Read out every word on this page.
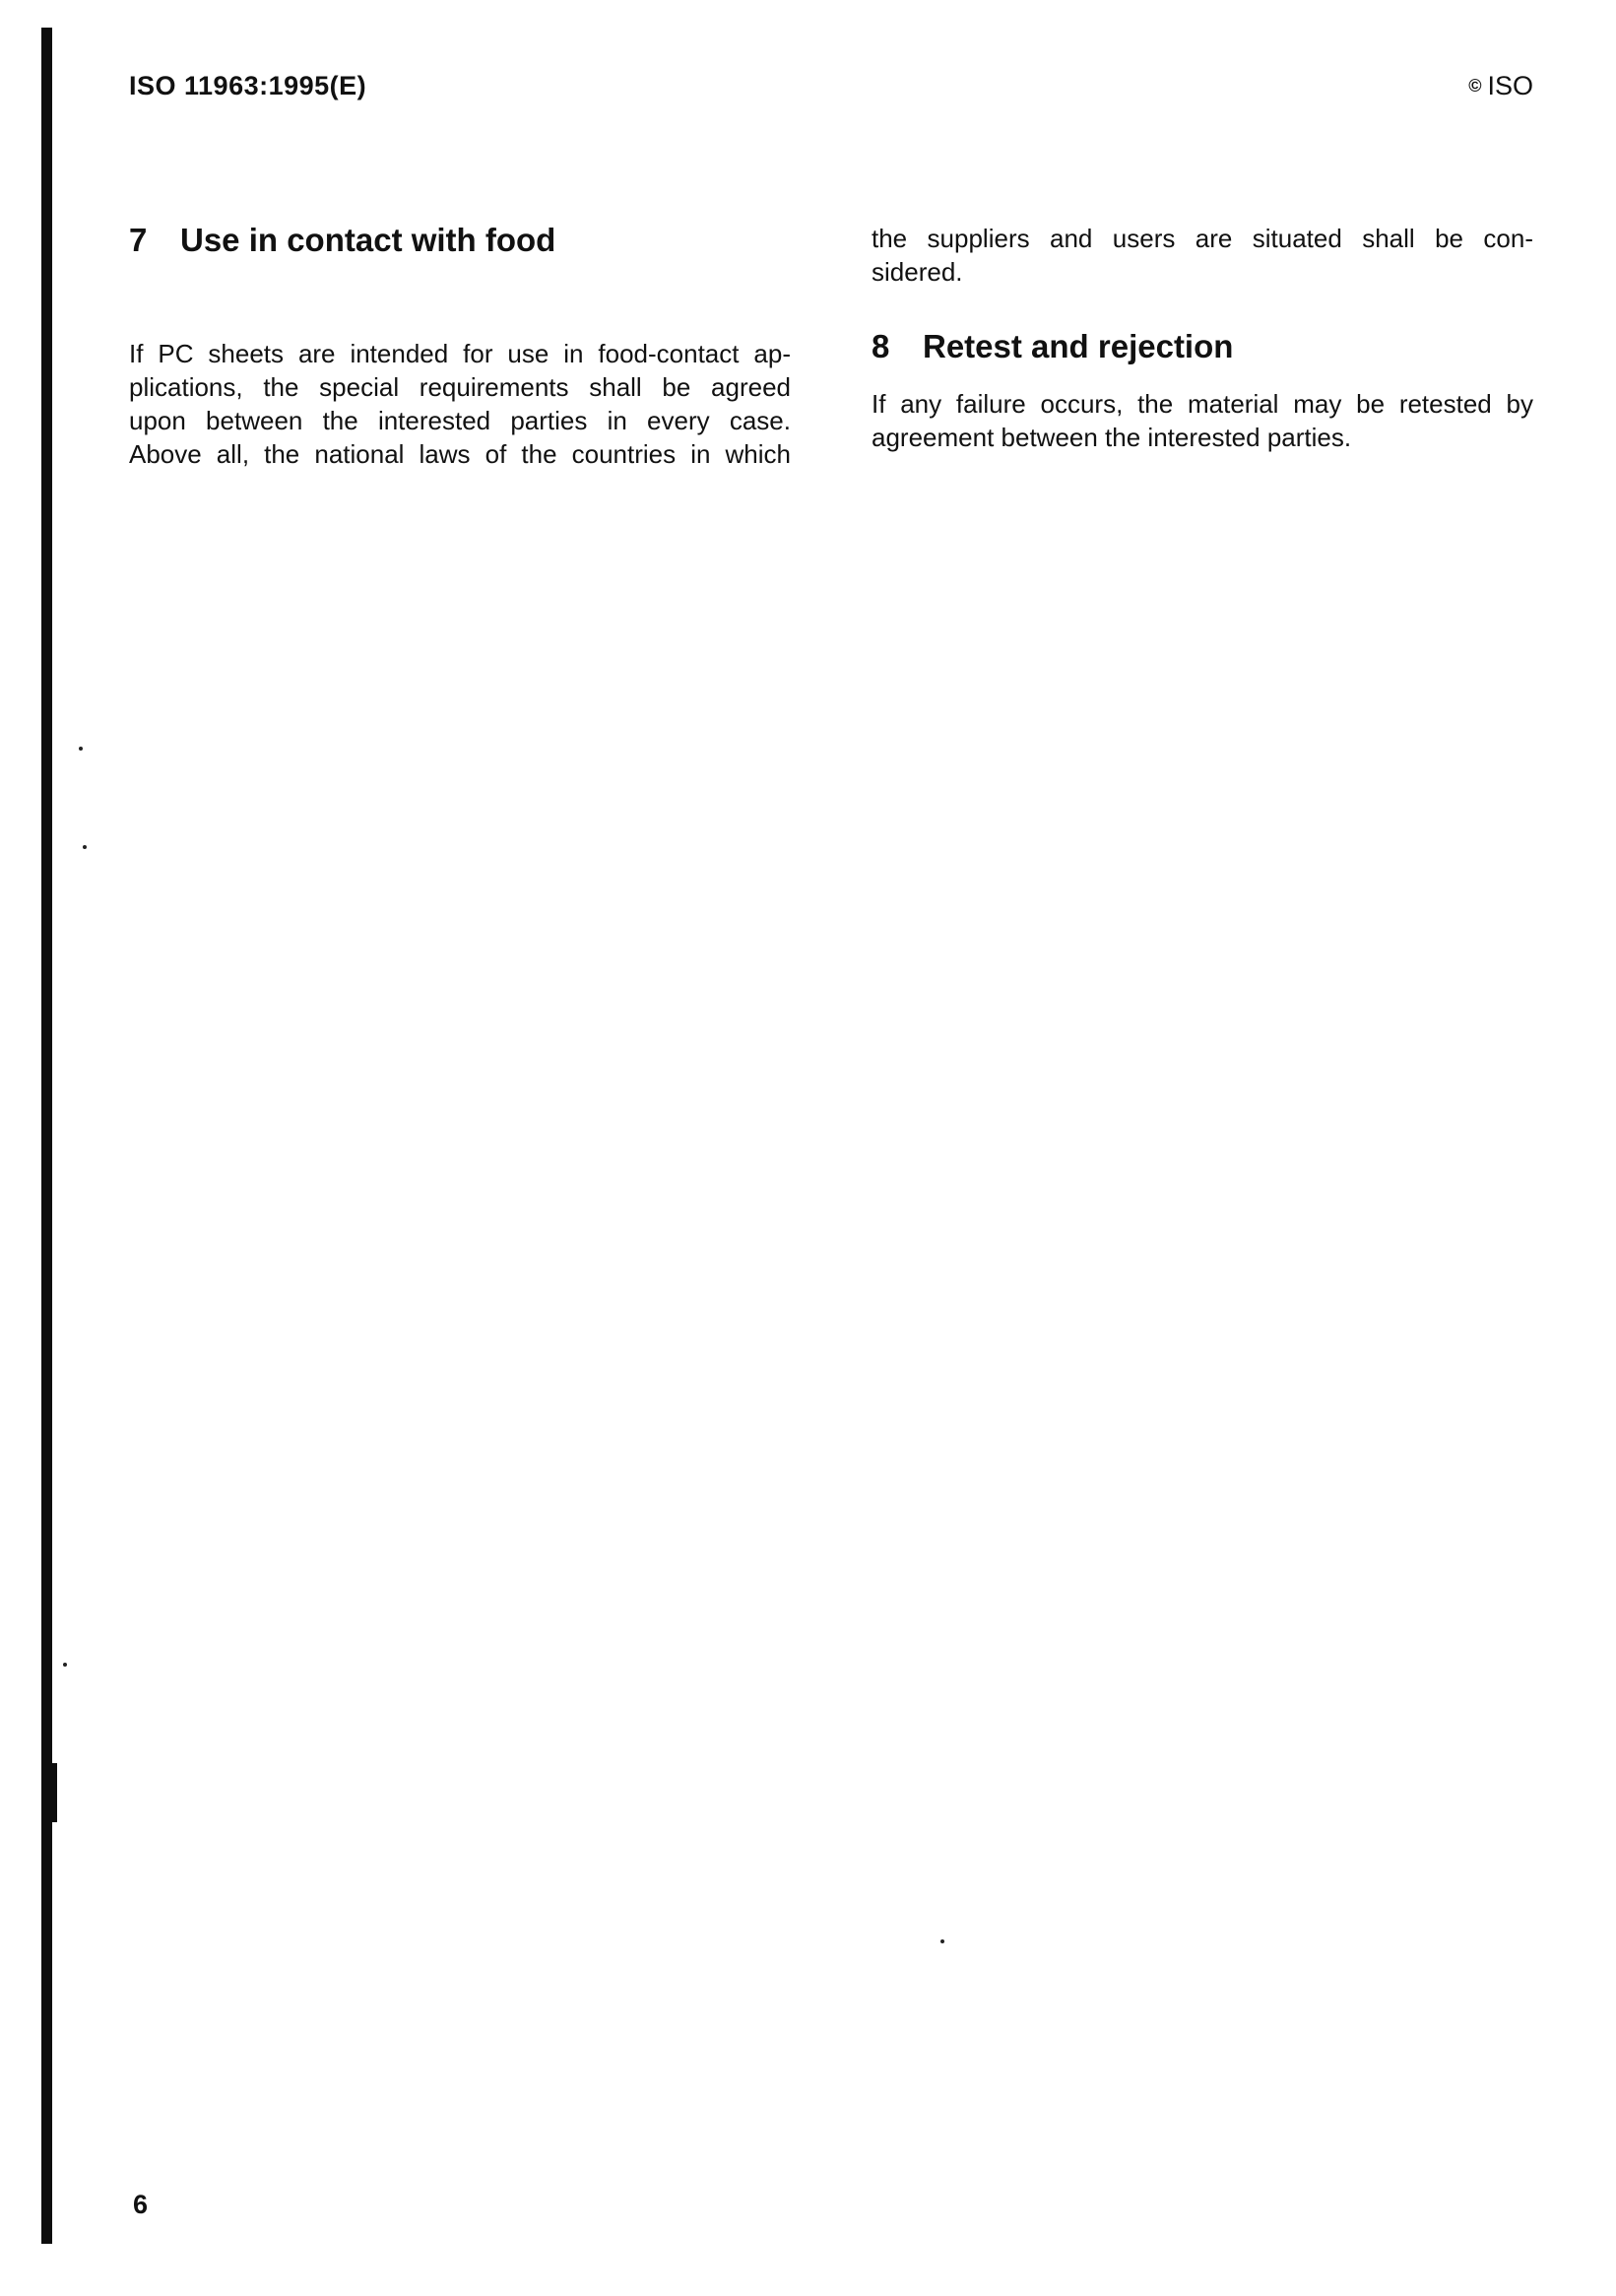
ISO 11963:1995(E)	© ISO
7 Use in contact with food

If PC sheets are intended for use in food-contact ap-
plications, the special requirements shall be agreed
upon between the interested parties in every case.
Above all, the national laws of the countries in which

the suppliers and users are situated shall be con-
sidered.

8 Retest and rejection

If any failure occurs, the material may be retested by
agreement between the interested parties.

6
